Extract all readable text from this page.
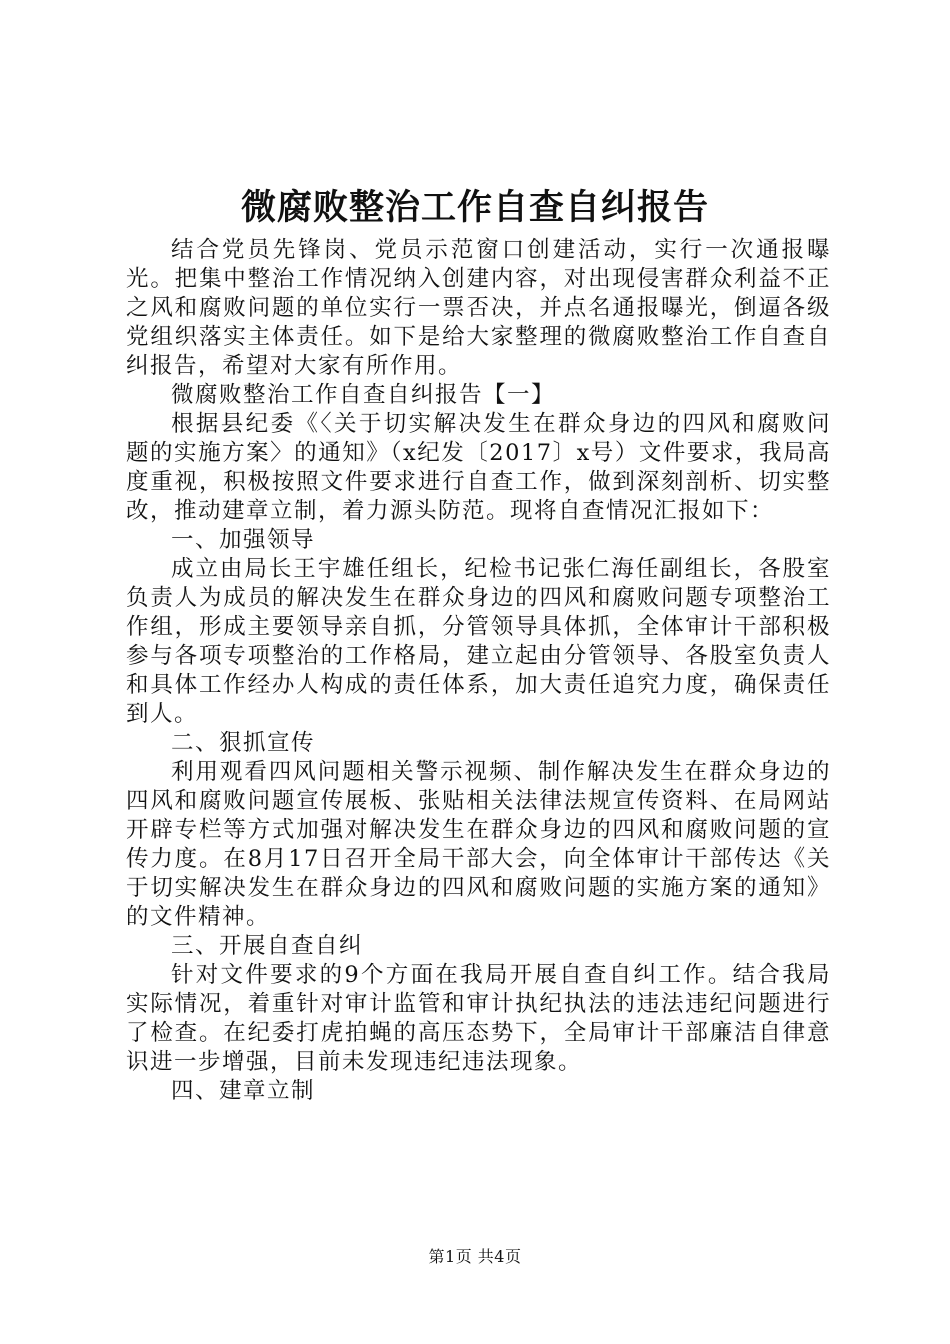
微腐败整治工作自查自纠报告

结合党员先锋岗、党员示范窗口创建活动，实行一次通报曝光。把集中整治工作情况纳入创建内容，对出现侵害群众利益不正之风和腐败问题的单位实行一票否决，并点名通报曝光，倒逼各级党组织落实主体责任。如下是给大家整理的微腐败整治工作自查自纠报告，希望对大家有所作用。

微腐败整治工作自查自纠报告【一】

根据县纪委《〈关于切实解决发生在群众身边的四风和腐败问题的实施方案〉的通知》（x纪发〔2017〕x号）文件要求，我局高度重视，积极按照文件要求进行自查工作，做到深刻剖析、切实整改，推动建章立制，着力源头防范。现将自查情况汇报如下：

一、加强领导

成立由局长王宇雄任组长，纪检书记张仁海任副组长，各股室负责人为成员的解决发生在群众身边的四风和腐败问题专项整治工作组，形成主要领导亲自抓，分管领导具体抓，全体审计干部积极参与各项专项整治的工作格局，建立起由分管领导、各股室负责人和具体工作经办人构成的责任体系，加大责任追究力度，确保责任到人。

二、狠抓宣传

利用观看四风问题相关警示视频、制作解决发生在群众身边的四风和腐败问题宣传展板、张贴相关法律法规宣传资料、在局网站开辟专栏等方式加强对解决发生在群众身边的四风和腐败问题的宣传力度。在8月17日召开全局干部大会，向全体审计干部传达《关于切实解决发生在群众身边的四风和腐败问题的实施方案的通知》的文件精神。

三、开展自查自纠

针对文件要求的9个方面在我局开展自查自纠工作。结合我局实际情况，着重针对审计监管和审计执纪执法的违法违纪问题进行了检查。在纪委打虎拍蝇的高压态势下，全局审计干部廉洁自律意识进一步增强，目前未发现违纪违法现象。

四、建章立制

第1页 共4页
